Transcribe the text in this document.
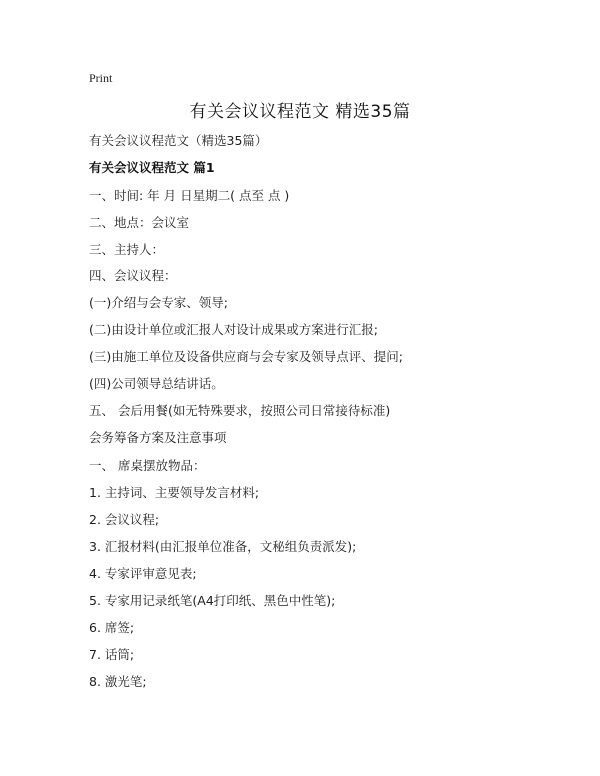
Print
有关会议议程范文 精选35篇
有关会议议程范文（精选35篇）
有关会议议程范文 篇1
一、时间: 年 月 日星期二( 点至 点 )
二、地点：会议室
三、主持人：
四、会议议程：
(一)介绍与会专家、领导;
(二)由设计单位或汇报人对设计成果或方案进行汇报;
(三)由施工单位及设备供应商与会专家及领导点评、提问;
(四)公司领导总结讲话。
五、 会后用餐(如无特殊要求，按照公司日常接待标准)
会务筹备方案及注意事项
一、 席桌摆放物品：
1. 主持词、主要领导发言材料;
2. 会议议程;
3. 汇报材料(由汇报单位准备，文秘组负责派发);
4. 专家评审意见表;
5. 专家用记录纸笔(A4打印纸、黑色中性笔);
6. 席签;
7. 话筒;
8. 激光笔;
